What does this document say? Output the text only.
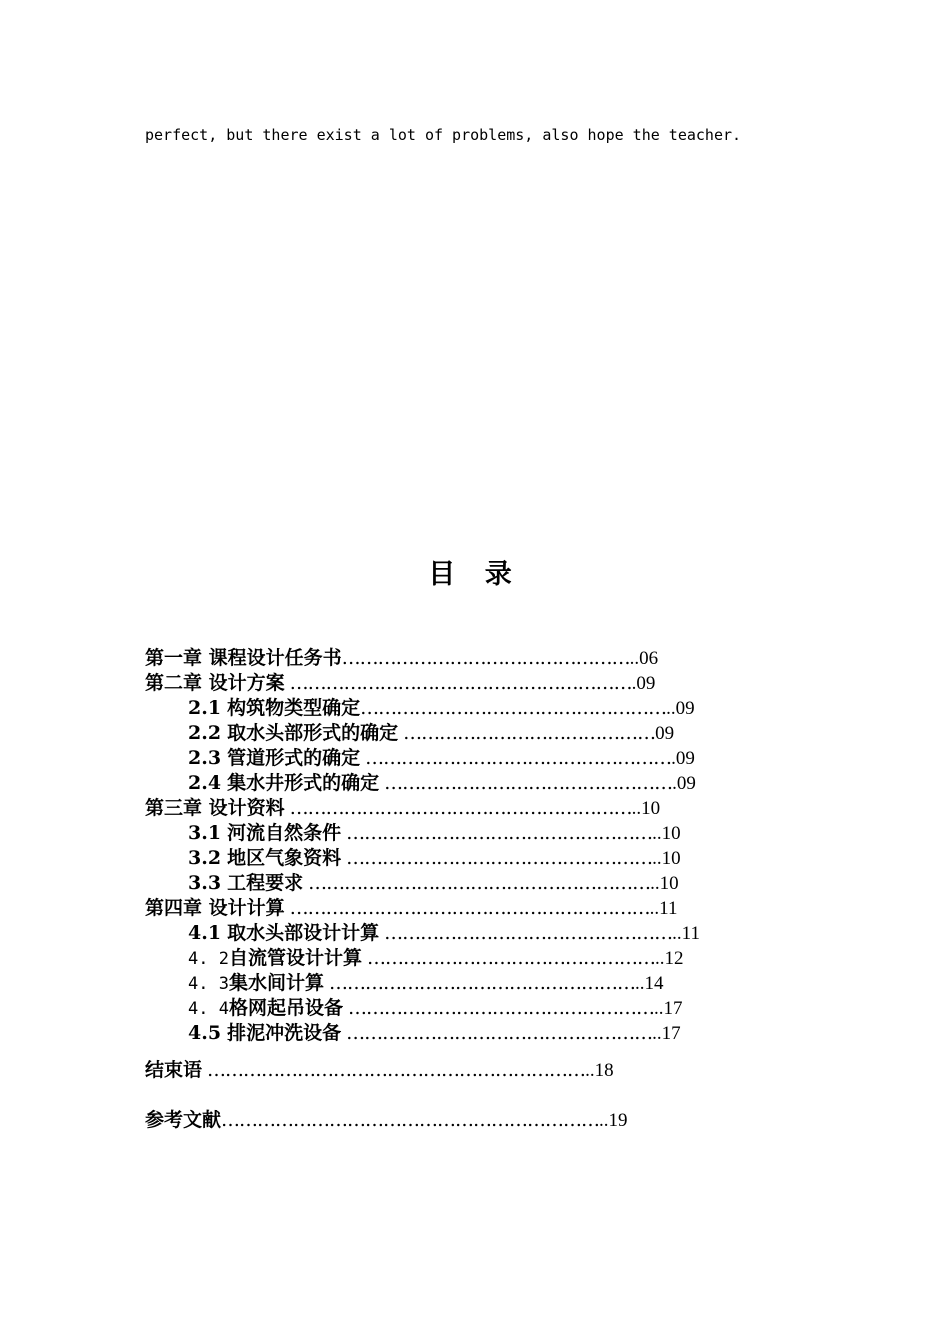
perfect, but there exist a lot of problems, also hope the teacher.
目 录
第一章 课程设计任务书…………………………………………..06
第二章 设计方案 ………………………………………………….09
2.1 构筑物类型确定……………………………………………..09
2.2 取水头部形式的确定 ……………………………………09
2.3 管道形式的确定 …………………………………………….09
2.4 集水井形式的确定 ………………………………………….09
第三章 设计资料 …………………………………………………..10
3.1 河流自然条件 ……………………………………………..10
3.2 地区气象资料 ……………………………………………..10
3.3 工程要求 …………………………………………………..10
第四章 设计计算 ……………………………………………………..11
4.1 取水头部设计计算 …………………………………………..11
4. 2自流管设计计算 …………………………………………..12
4. 3集水间计算 ……………………………………………..14
4. 4格网起吊设备 ……………………………………………..17
4.5 排泥冲洗设备 ……………………………………………..17
结束语 ………………………………………………………..18
参考文献………………………………………………………..19
